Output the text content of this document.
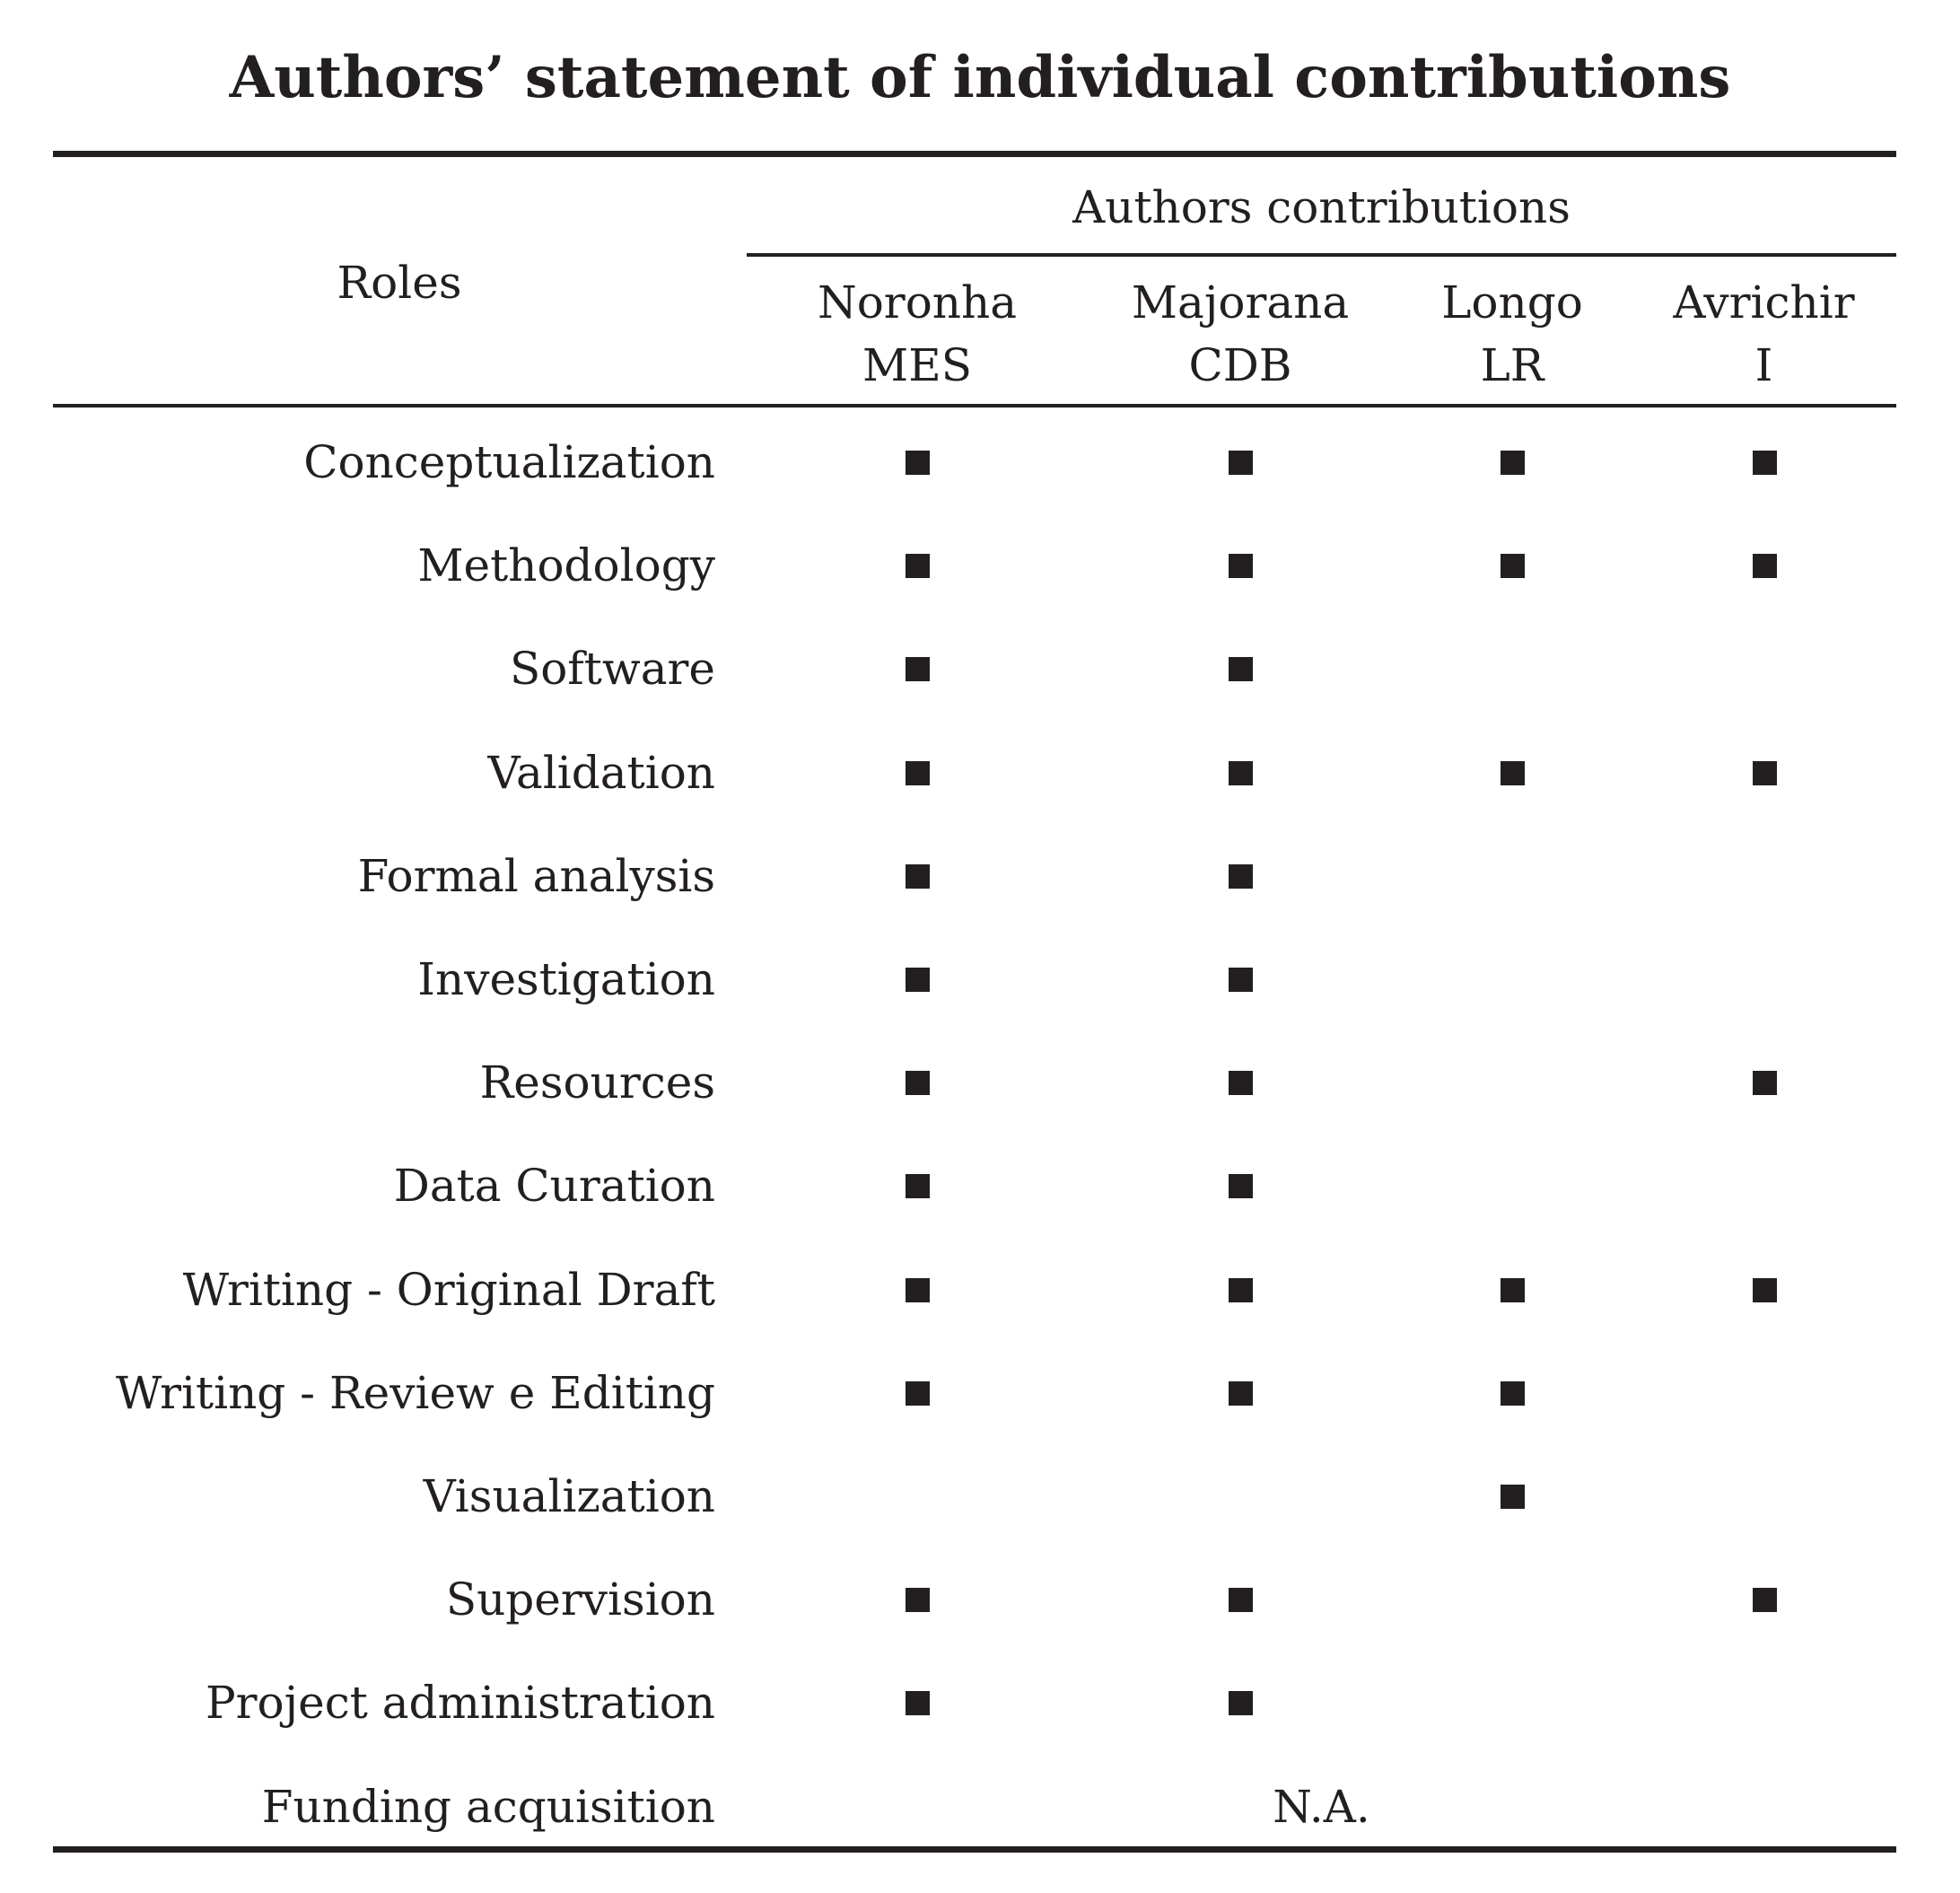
Authors’ statement of individual contributions
Roles
Authors contributions
Noronha
MES
Majorana
CDB
Longo
LR
Avrichir
I
Conceptualization
Methodology
Software
Validation
Formal analysis
Investigation
Resources
Data Curation
Writing - Original Draft
Writing - Review e Editing
Visualization
Supervision
Project administration
Funding acquisition	N.A.
